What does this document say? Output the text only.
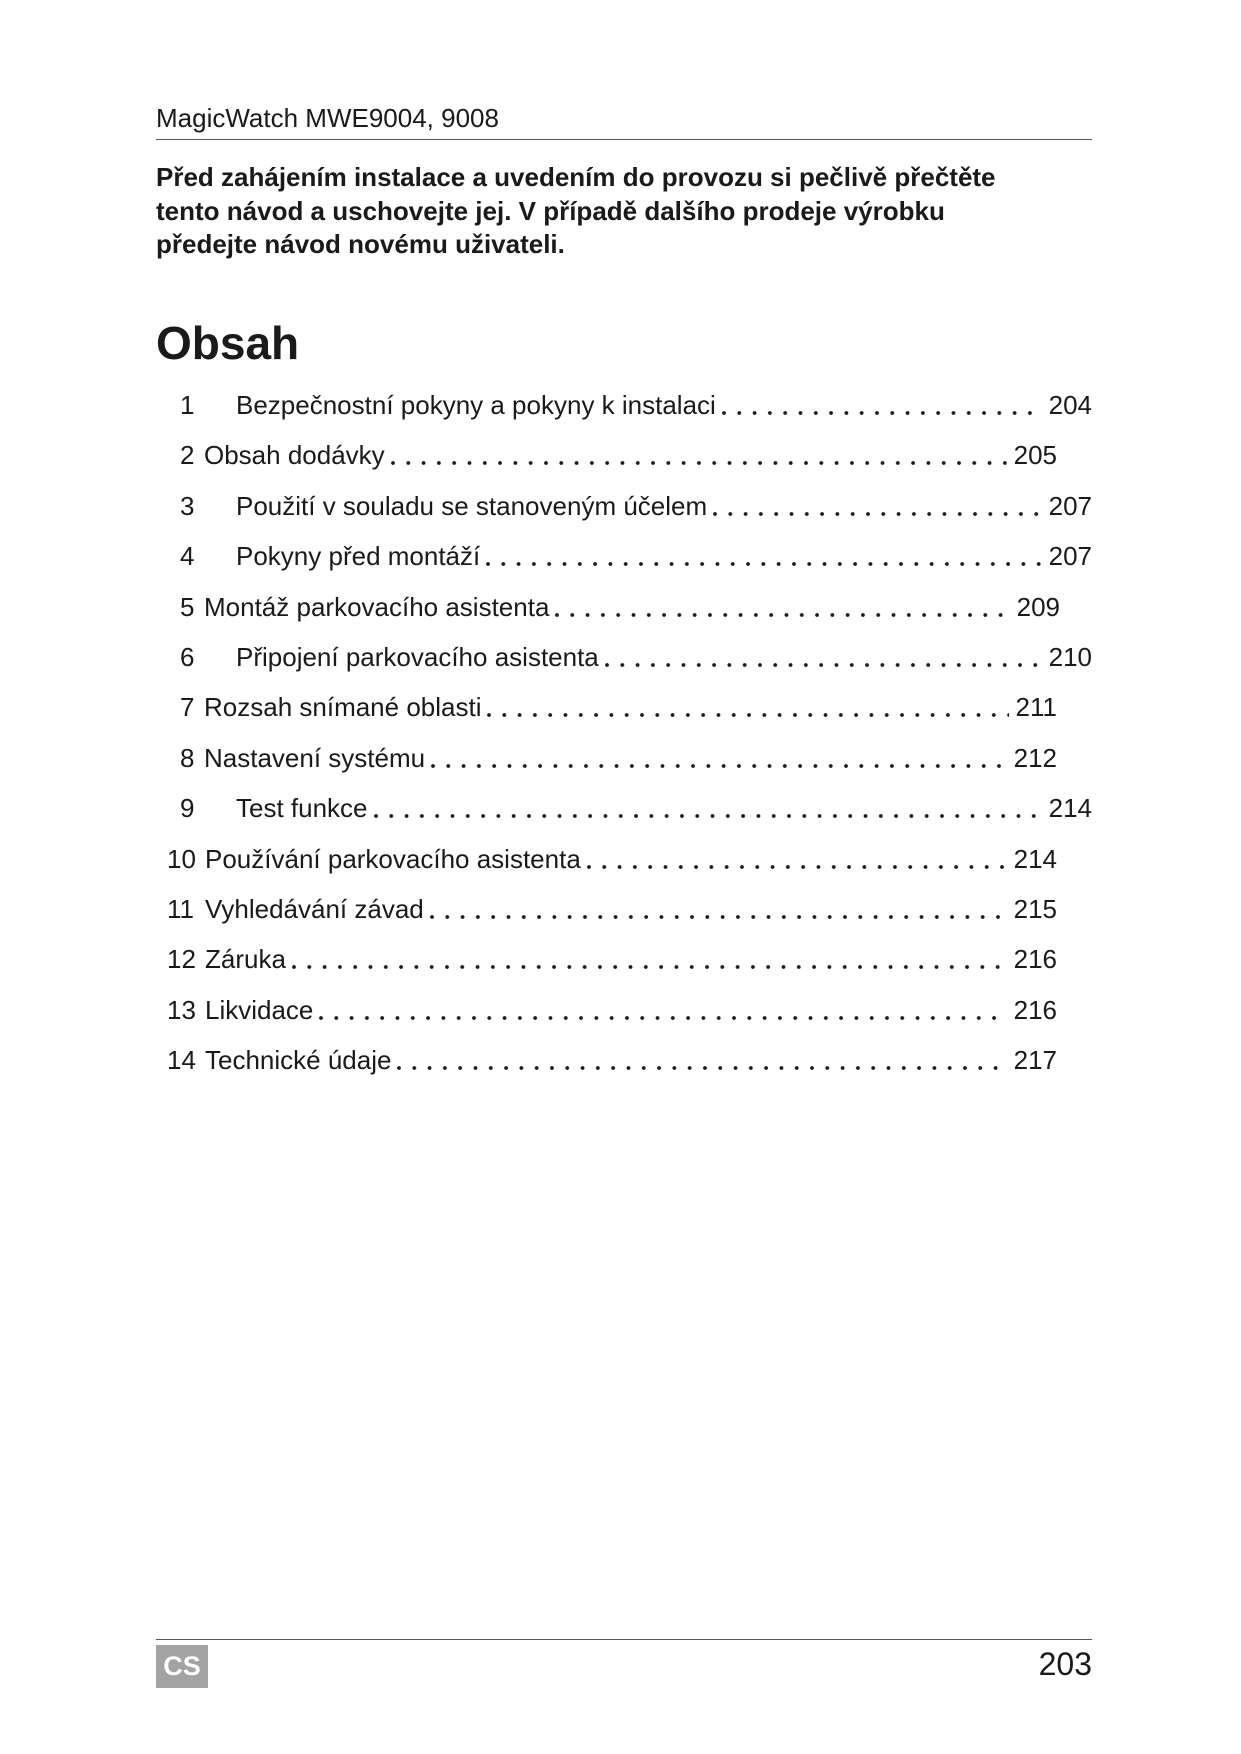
MagicWatch MWE9004, 9008
Před zahájením instalace a uvedením do provozu si pečlivě přečtěte
tento návod a uschovejte jej. V případě dalšího prodeje výrobku
předejte návod novému uživateli.
Obsah
1	Bezpečnostní pokyny a pokyny k instalaci	204
2 Obsah dodávky	205
3	Použití v souladu se stanoveným účelem	207
4	Pokyny před montáží	207
5 Montáž parkovacího asistenta	209
6	Připojení parkovacího asistenta	210
7 Rozsah snímané oblasti	211
8 Nastavení systému	212
9	Test funkce	214
10 Používání parkovacího asistenta	214
11 Vyhledávání závad	215
12 Záruka	216
13 Likvidace	216
14 Technické údaje	217
CS	203
